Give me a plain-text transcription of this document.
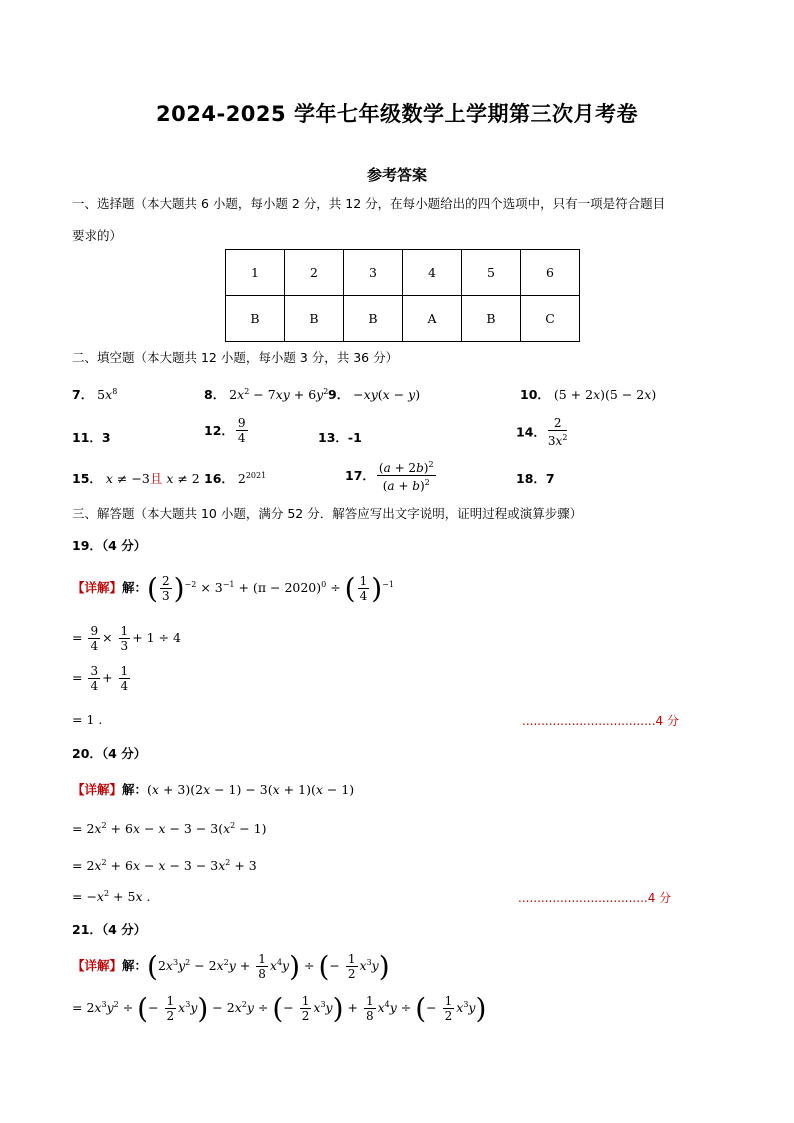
2024-2025 学年七年级数学上学期第三次月考卷
参考答案
一、选择题（本大题共 6 小题，每小题 2 分，共 12 分，在每小题给出的四个选项中，只有一项是符合题目
要求的）
1	2	3	4	5	6
B	B	B	A	B	C
二、填空题（本大题共 12 小题，每小题 3 分，共 36 分）
7． $5x^8$	8． $2x^2 - 7xy + 6y^2$ 9． −xy(x − y)	10． (5 + 2x)(5 − 2x)
11．3	12． $\frac{9}{4}$	13．-1	14． $\frac{2}{3x^2}$
15． x ≠ −3且 x ≠ 2 16． $2^{2021}$	17． $\frac{(a + 2b)^2}{(a + b)^2}$	18．7
三、解答题（本大题共 10 小题，满分 52 分．解答应写出文字说明，证明过程或演算步骤）
19．（4 分）
【详解】解：( $\frac{2}{3} )^{-2} \times 3^{-1} + (\pi - 2020)^0$ ÷ ( $\frac{1}{4} )^{-1}$
= $\frac{9}{4} \times \frac{1}{3} + 1 \div 4$
= $\frac{3}{4} + \frac{1}{4}$
= 1 .	...................................4 分
20．（4 分）
【详解】解：(x + 3)(2x − 1) − 3(x + 1)(x − 1)
= $2x^2 + 6x - x - 3 - 3(x^2 - 1)$
= $2x^2 + 6x - x - 3 - 3x^2 + 3$
= $-x^2 + 5x$ .	..................................4 分
21．（4 分）
【详解】解：$(2x^3y^2 - 2x^2y + \frac{1}{8} x^4y)$ ÷ (− $\frac{1}{2} x^3y$)
= $2x^3y^2$ ÷ (− $\frac{1}{2} x^3y) - 2x^2y$ ÷ (− $\frac{1}{2} x^3y) + \frac{1}{8} x^4y$ ÷ (− $\frac{1}{2} x^3y$)
